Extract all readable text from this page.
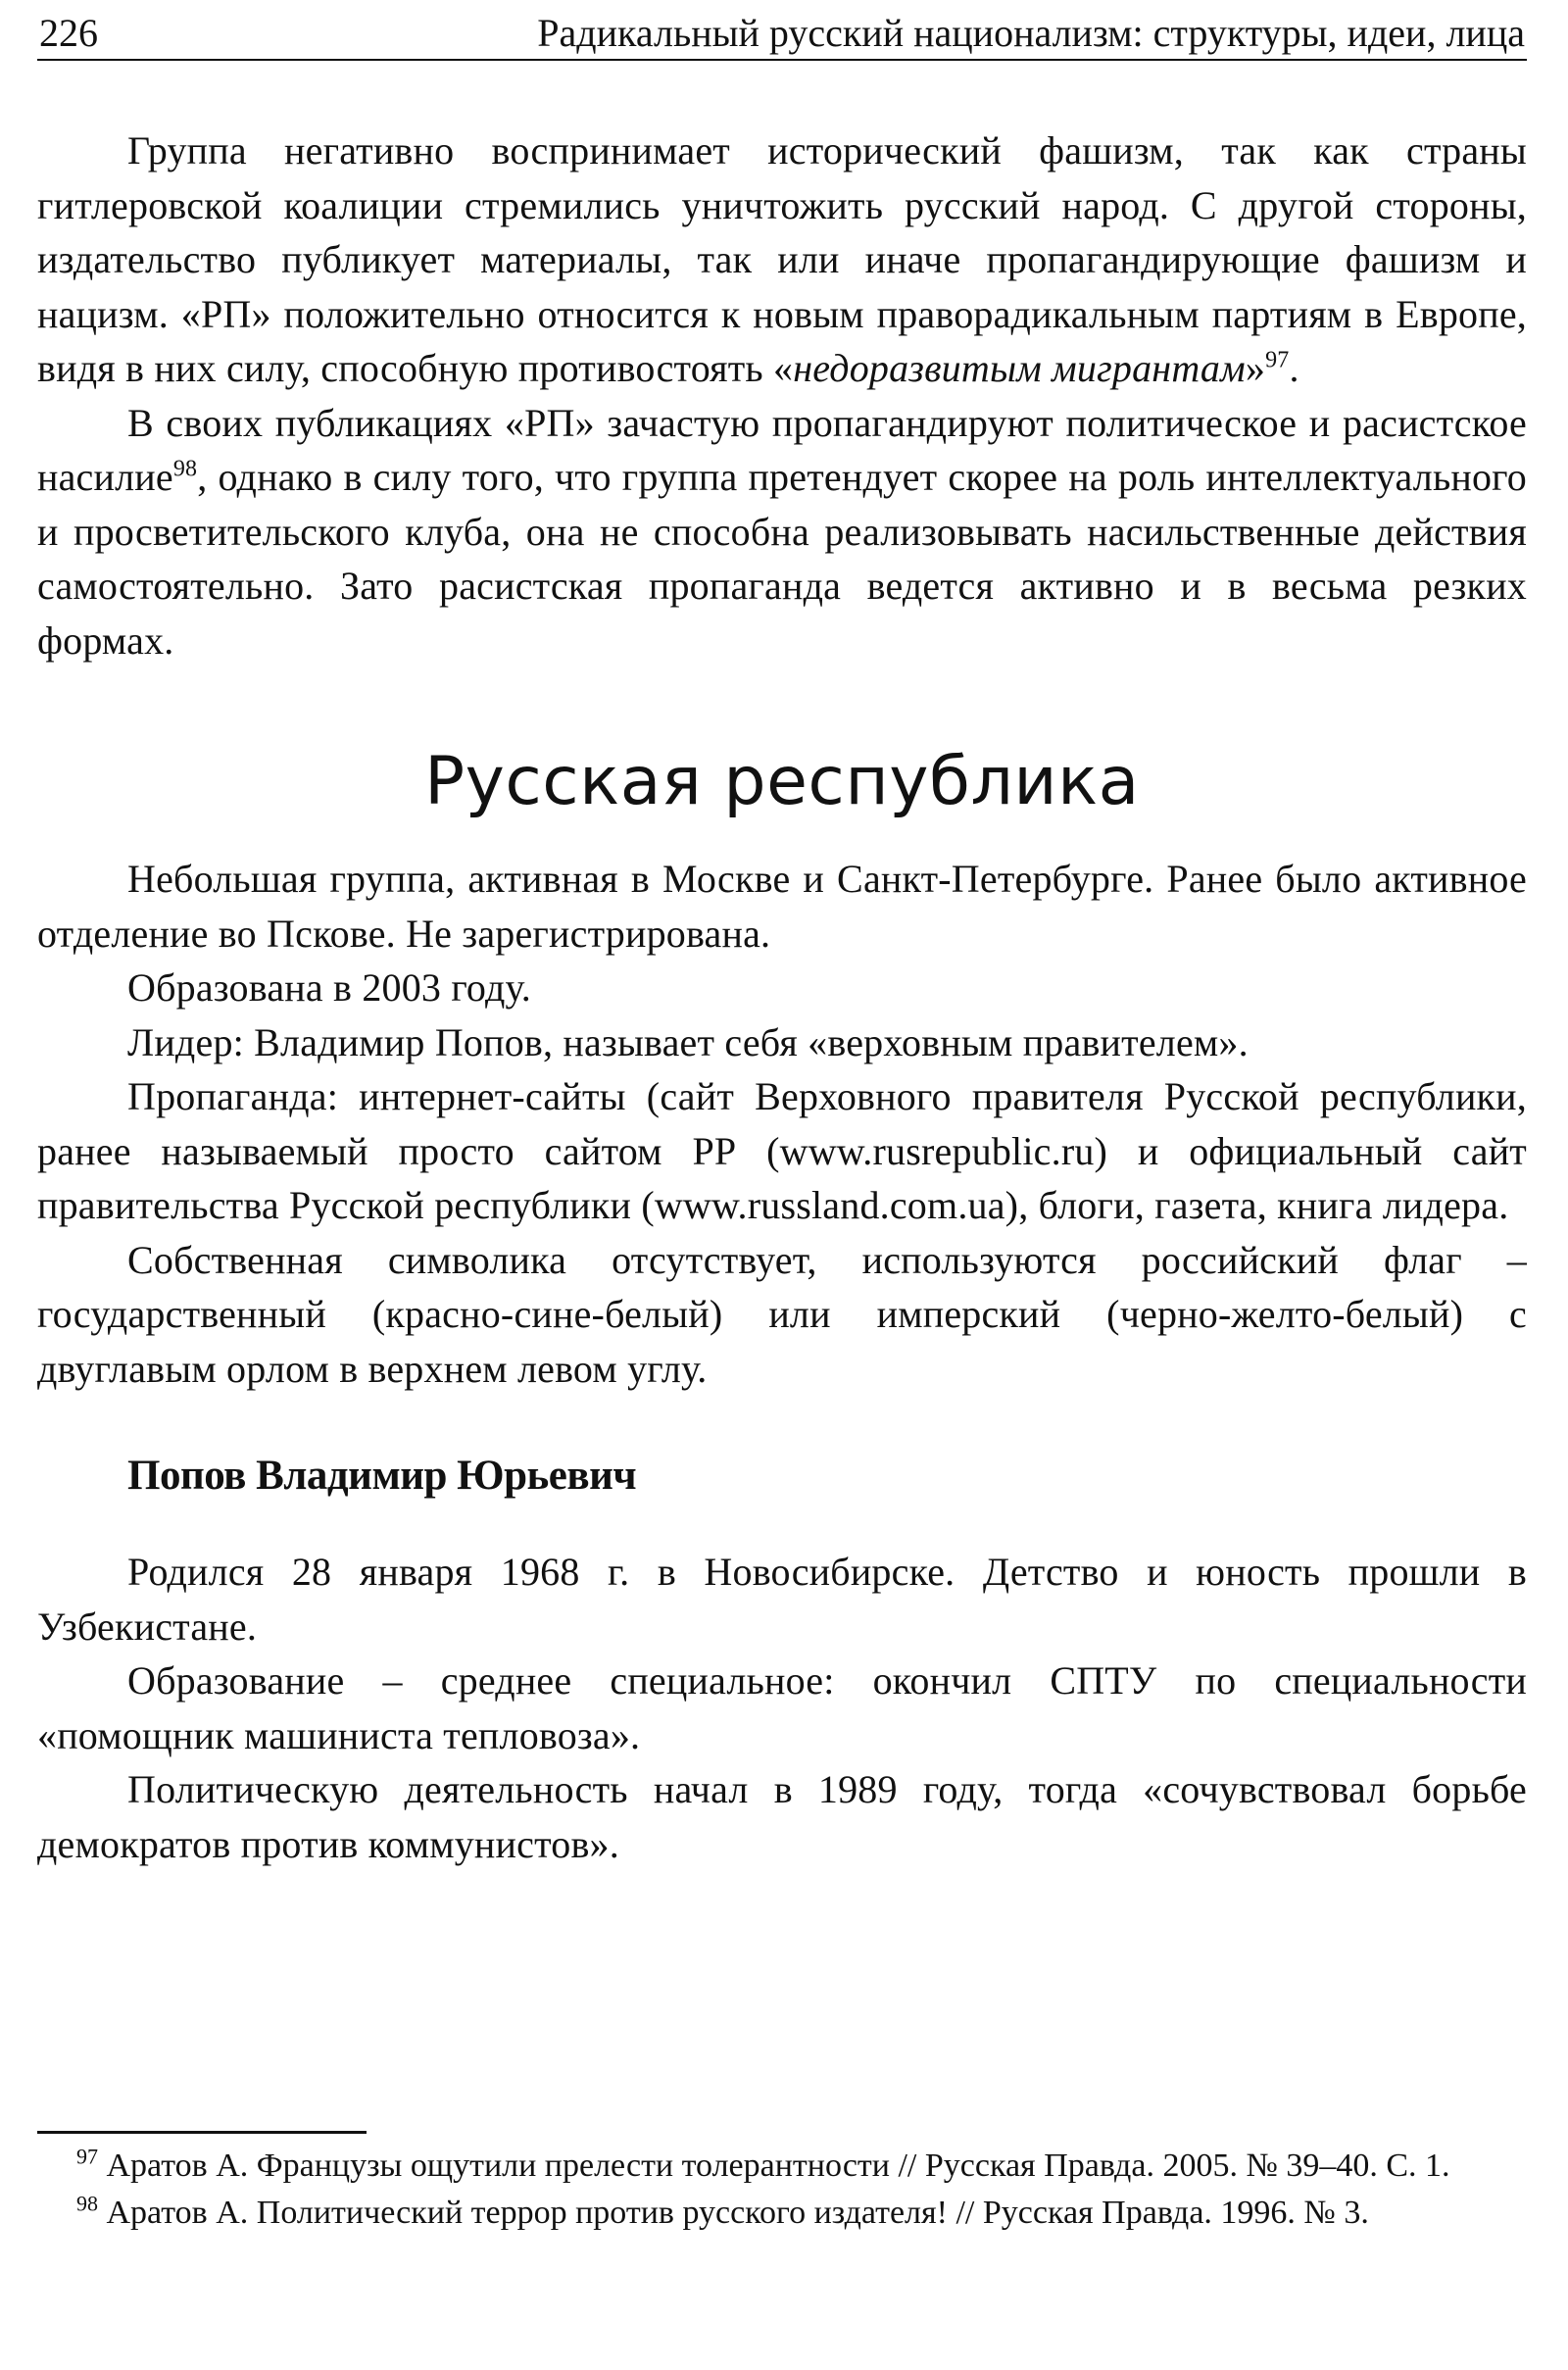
226	Радикальный русский национализм: структуры, идеи, лица

Группа негативно воспринимает исторический фашизм, так как страны гитлеровской коалиции стремились уничтожить русский народ. С другой стороны, издательство публикует материалы, так или иначе пропагандирующие фашизм и нацизм. «РП» положительно относится к новым праворадикальным партиям в Европе, видя в них силу, способную противостоять «недоразвитым мигрантам»$^{97}$.

В своих публикациях «РП» зачастую пропагандируют политическое и расистское насилие$^{98}$, однако в силу того, что группа претендует скорее на роль интеллектуального и просветительского клуба, она не способна реализовывать насильственные действия самостоятельно. Зато расистская пропаганда ведется активно и в весьма резких формах.

Русская республика

Небольшая группа, активная в Москве и Санкт-Петербурге. Ранее было активное отделение во Пскове. Не зарегистрирована.

Образована в 2003 году.

Лидер: Владимир Попов, называет себя «верховным правителем».

Пропаганда: интернет-сайты (сайт Верховного правителя Русской республики, ранее называемый просто сайтом РР (www.rusrepublic.ru) и официальный сайт правительства Русской республики (www.russland.com.ua), блоги, газета, книга лидера.

Собственная символика отсутствует, используются российский флаг – государственный (красно-сине-белый) или имперский (черно-желто-белый) с двуглавым орлом в верхнем левом углу.

Попов Владимир Юрьевич

Родился 28 января 1968 г. в Новосибирске. Детство и юность прошли в Узбекистане.

Образование – среднее специальное: окончил СПТУ по специальности «помощник машиниста тепловоза».

Политическую деятельность начал в 1989 году, тогда «сочувствовал борьбе демократов против коммунистов».

$^{97}$ Аратов А. Французы ощутили прелести толерантности // Русская Правда. 2005. № 39–40. С. 1.

$^{98}$ Аратов А. Политический террор против русского издателя! // Русская Правда. 1996. № 3.
